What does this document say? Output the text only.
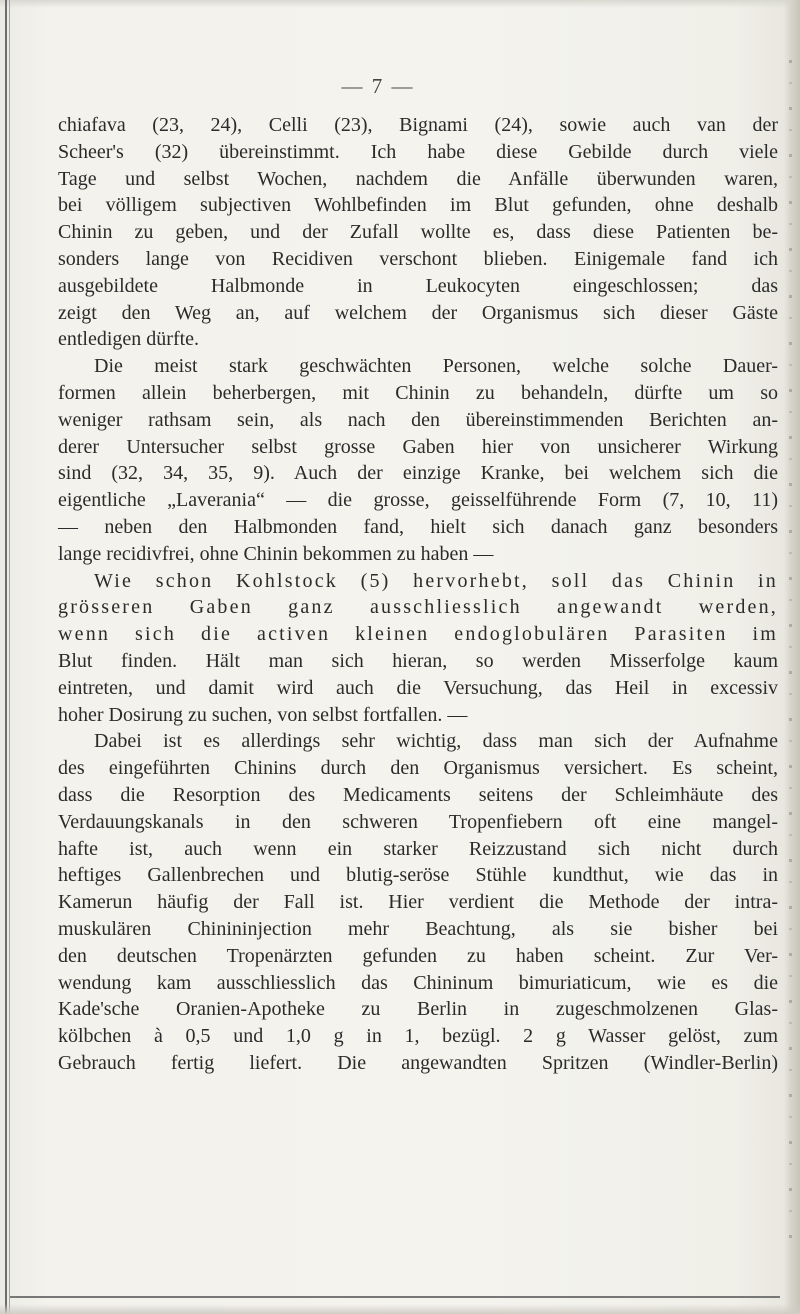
— 7 —
chiafava (23, 24), Celli (23), Bignami (24), sowie auch van der
Scheer's (32) übereinstimmt. Ich habe diese Gebilde durch viele
Tage und selbst Wochen, nachdem die Anfälle überwunden waren,
bei völligem subjectiven Wohlbefinden im Blut gefunden, ohne deshalb
Chinin zu geben, und der Zufall wollte es, dass diese Patienten be-
sonders lange von Recidiven verschont blieben. Einigemale fand ich
ausgebildete Halbmonde in Leukocyten eingeschlossen; das
zeigt den Weg an, auf welchem der Organismus sich dieser Gäste
entledigen dürfte.
Die meist stark geschwächten Personen, welche solche Dauer-
formen allein beherbergen, mit Chinin zu behandeln, dürfte um so
weniger rathsam sein, als nach den übereinstimmenden Berichten an-
derer Untersucher selbst grosse Gaben hier von unsicherer Wirkung
sind (32, 34, 35, 9). Auch der einzige Kranke, bei welchem sich die
eigentliche „Laverania“ — die grosse, geisselführende Form (7, 10, 11)
— neben den Halbmonden fand, hielt sich danach ganz besonders
lange recidivfrei, ohne Chinin bekommen zu haben —
Wie schon Kohlstock (5) hervorhebt, soll das Chinin in
grösseren Gaben ganz ausschliesslich angewandt werden,
wenn sich die activen kleinen endoglobulären Parasiten im
Blut finden. Hält man sich hieran, so werden Misserfolge kaum
eintreten, und damit wird auch die Versuchung, das Heil in excessiv
hoher Dosirung zu suchen, von selbst fortfallen. —
Dabei ist es allerdings sehr wichtig, dass man sich der Aufnahme
des eingeführten Chinins durch den Organismus versichert. Es scheint,
dass die Resorption des Medicaments seitens der Schleimhäute des
Verdauungskanals in den schweren Tropenfiebern oft eine mangel-
hafte ist, auch wenn ein starker Reizzustand sich nicht durch
heftiges Gallenbrechen und blutig-seröse Stühle kundthut, wie das in
Kamerun häufig der Fall ist. Hier verdient die Methode der intra-
muskulären Chinininjection mehr Beachtung, als sie bisher bei
den deutschen Tropenärzten gefunden zu haben scheint. Zur Ver-
wendung kam ausschliesslich das Chininum bimuriaticum, wie es die
Kade'sche Oranien-Apotheke zu Berlin in zugeschmolzenen Glas-
kölbchen à 0,5 und 1,0 g in 1, bezügl. 2 g Wasser gelöst, zum
Gebrauch fertig liefert. Die angewandten Spritzen (Windler-Berlin)
